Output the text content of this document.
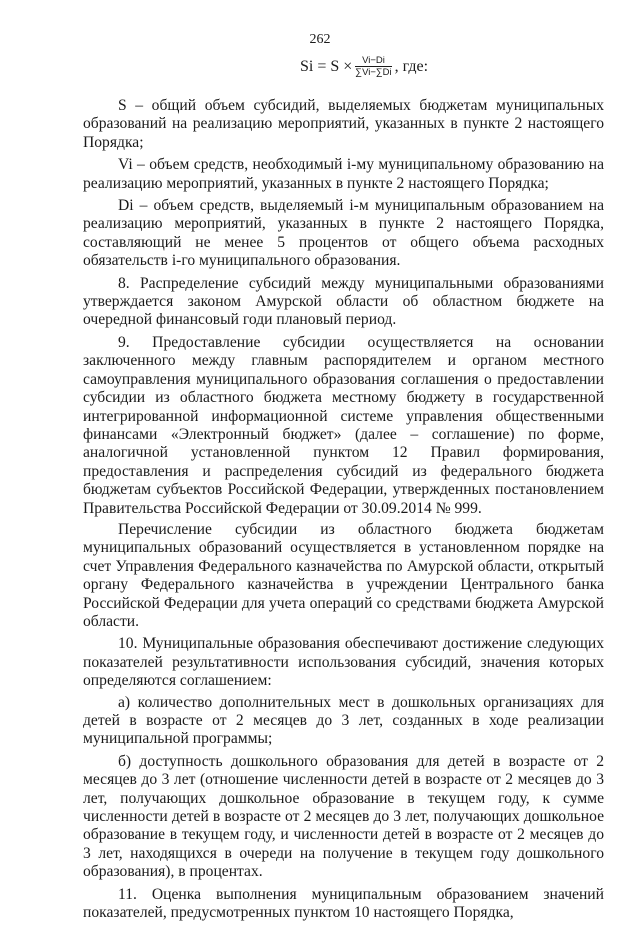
262
$Si = S \times \frac{Vi-Di}{\sum Vi-\sum Di}$ , где:

S – общий объем субсидий, выделяемых бюджетам муниципальных образований на реализацию мероприятий, указанных в пункте 2 настоящего Порядка;

Vi – объем средств, необходимый i-му муниципальному образованию на реализацию мероприятий, указанных в пункте 2 настоящего Порядка;

Di – объем средств, выделяемый i-м муниципальным образованием на реализацию мероприятий, указанных в пункте 2 настоящего Порядка, составляющий не менее 5 процентов от общего объема расходных обязательств i-го муниципального образования.

8. Распределение субсидий между муниципальными образованиями утверждается законом Амурской области об областном бюджете на очередной финансовый годи плановый период.

9. Предоставление субсидии осуществляется на основании заключенного между главным распорядителем и органом местного самоуправления муниципального образования соглашения о предоставлении субсидии из областного бюджета местному бюджету в государственной интегрированной информационной системе управления общественными финансами «Электронный бюджет» (далее – соглашение) по форме, аналогичной установленной пунктом 12 Правил формирования, предоставления и распределения субсидий из федерального бюджета бюджетам субъектов Российской Федерации, утвержденных постановлением Правительства Российской Федерации от 30.09.2014 № 999.

Перечисление субсидии из областного бюджета бюджетам муниципальных образований осуществляется в установленном порядке на счет Управления Федерального казначейства по Амурской области, открытый органу Федерального казначейства в учреждении Центрального банка Российской Федерации для учета операций со средствами бюджета Амурской области.

10. Муниципальные образования обеспечивают достижение следующих показателей результативности использования субсидий, значения которых определяются соглашением:

а) количество дополнительных мест в дошкольных организациях для детей в возрасте от 2 месяцев до 3 лет, созданных в ходе реализации муниципальной программы;

б) доступность дошкольного образования для детей в возрасте от 2 месяцев до 3 лет (отношение численности детей в возрасте от 2 месяцев до 3 лет, получающих дошкольное образование в текущем году, к сумме численности детей в возрасте от 2 месяцев до 3 лет, получающих дошкольное образование в текущем году, и численности детей в возрасте от 2 месяцев до 3 лет, находящихся в очереди на получение в текущем году дошкольного образования), в процентах.

11. Оценка выполнения муниципальным образованием значений показателей, предусмотренных пунктом 10 настоящего Порядка,
